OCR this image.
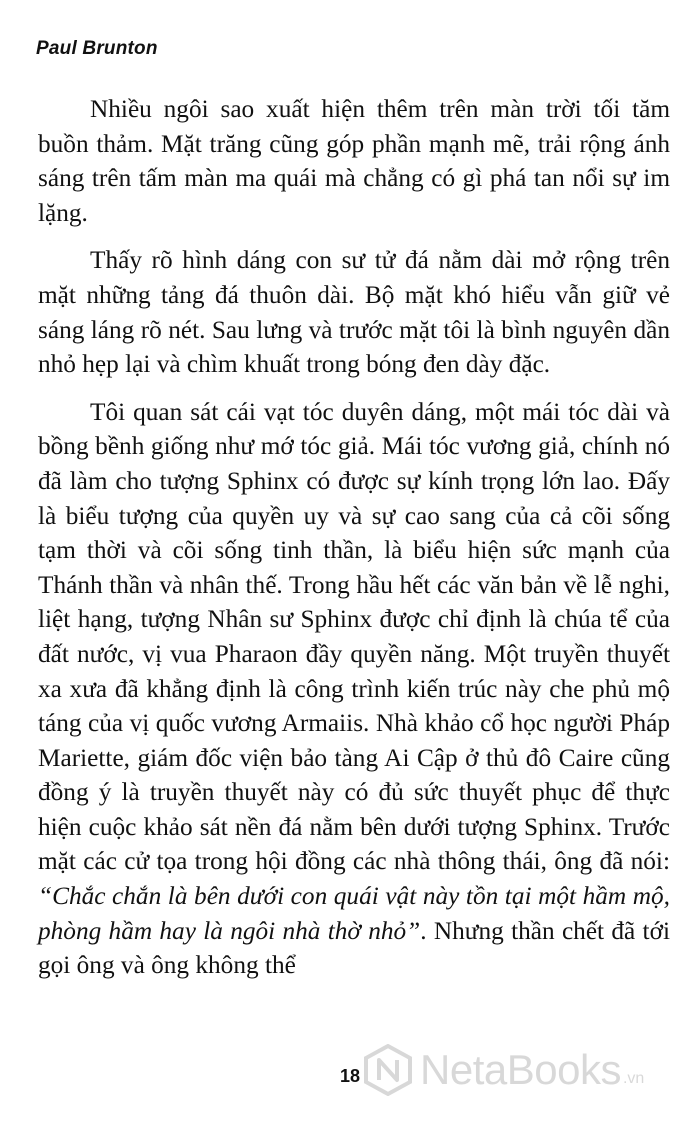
Paul Brunton

Nhiều ngôi sao xuất hiện thêm trên màn trời tối tăm buồn thảm. Mặt trăng cũng góp phần mạnh mẽ, trải rộng ánh sáng trên tấm màn ma quái mà chẳng có gì phá tan nổi sự im lặng.

Thấy rõ hình dáng con sư tử đá nằm dài mở rộng trên mặt những tảng đá thuôn dài. Bộ mặt khó hiểu vẫn giữ vẻ sáng láng rõ nét. Sau lưng và trước mặt tôi là bình nguyên dần nhỏ hẹp lại và chìm khuất trong bóng đen dày đặc.

Tôi quan sát cái vạt tóc duyên dáng, một mái tóc dài và bồng bềnh giống như mớ tóc giả. Mái tóc vương giả, chính nó đã làm cho tượng Sphinx có được sự kính trọng lớn lao. Đấy là biểu tượng của quyền uy và sự cao sang của cả cõi sống tạm thời và cõi sống tinh thần, là biểu hiện sức mạnh của Thánh thần và nhân thế. Trong hầu hết các văn bản về lễ nghi, liệt hạng, tượng Nhân sư Sphinx được chỉ định là chúa tể của đất nước, vị vua Pharaon đầy quyền năng. Một truyền thuyết xa xưa đã khẳng định là công trình kiến trúc này che phủ mộ táng của vị quốc vương Armaiis. Nhà khảo cổ học người Pháp Mariette, giám đốc viện bảo tàng Ai Cập ở thủ đô Caire cũng đồng ý là truyền thuyết này có đủ sức thuyết phục để thực hiện cuộc khảo sát nền đá nằm bên dưới tượng Sphinx. Trước mặt các cử tọa trong hội đồng các nhà thông thái, ông đã nói: “Chắc chắn là bên dưới con quái vật này tồn tại một hầm mộ, phòng hầm hay là ngôi nhà thờ nhỏ”. Nhưng thần chết đã tới gọi ông và ông không thể

18	NetaBooks .vn
